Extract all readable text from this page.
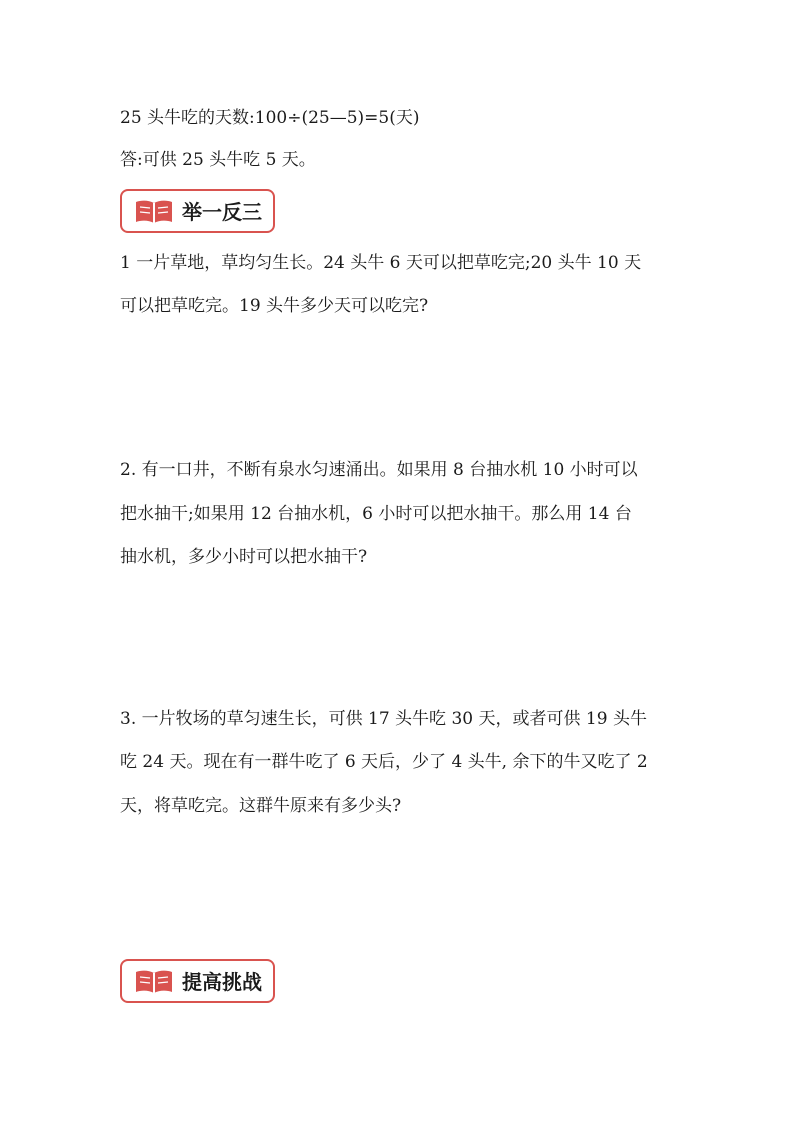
25 头牛吃的天数:100÷(25—5)=5(天)
答:可供 25 头牛吃 5 天。
举一反三
1 一片草地，草均匀生长。24 头牛 6 天可以把草吃完;20 头牛 10 天
可以把草吃完。19 头牛多少天可以吃完?
2. 有一口井，不断有泉水匀速涌出。如果用 8 台抽水机 10 小时可以
把水抽干;如果用 12 台抽水机，6 小时可以把水抽干。那么用 14 台
抽水机，多少小时可以把水抽干?
3. 一片牧场的草匀速生长，可供 17 头牛吃 30 天，或者可供 19 头牛
吃 24 天。现在有一群牛吃了 6 天后，少了 4 头牛, 余下的牛又吃了 2
天，将草吃完。这群牛原来有多少头?
提高挑战
